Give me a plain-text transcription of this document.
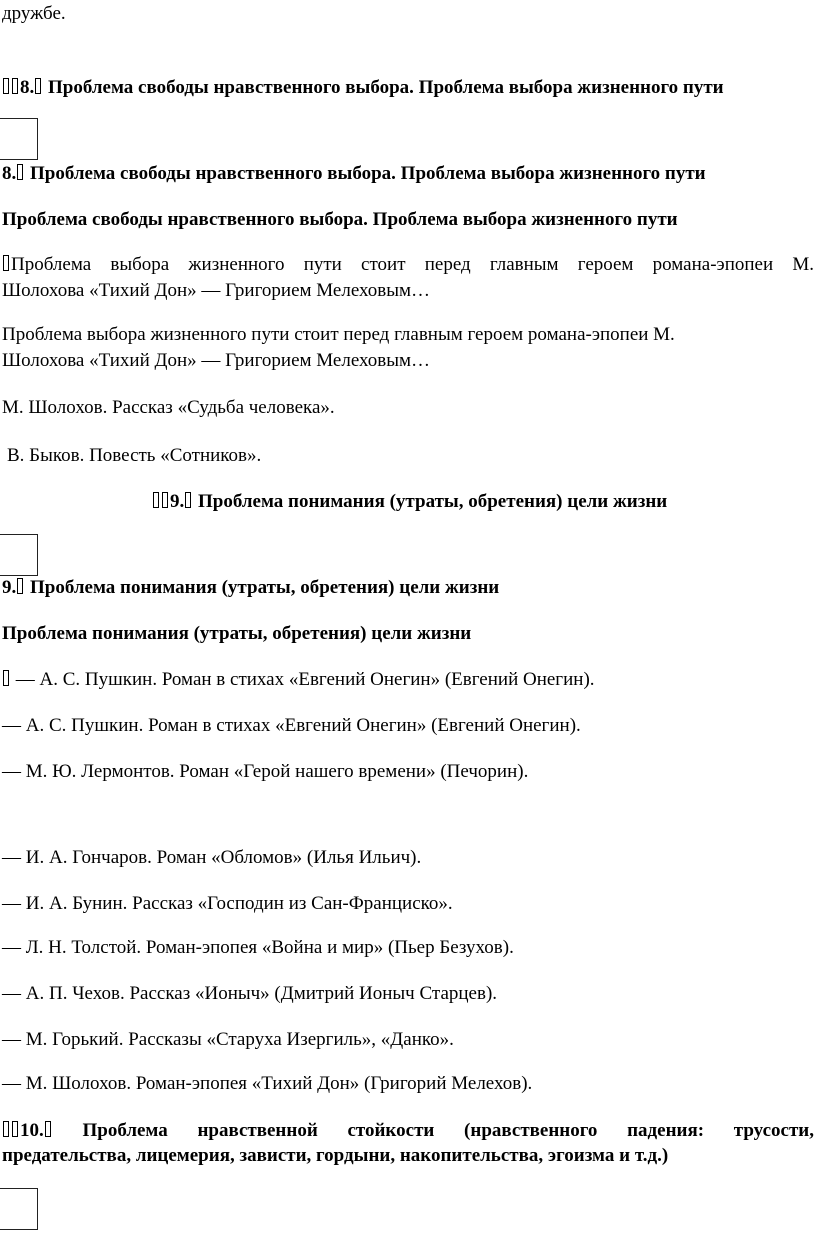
дружбе.
8. Проблема свободы нравственного выбора. Проблема выбора жизненного пути
8. Проблема свободы нравственного выбора. Проблема выбора жизненного пути
Проблема свободы нравственного выбора. Проблема выбора жизненного пути
Проблема выбора жизненного пути стоит перед главным героем романа-эпопеи М.
Шолохова «Тихий Дон» — Григорием Мелеховым…
Проблема выбора жизненного пути стоит перед главным героем романа-эпопеи М.
Шолохова «Тихий Дон» — Григорием Мелеховым…
М. Шолохов. Рассказ «Судьба человека».
В. Быков. Повесть «Сотников».
9. Проблема понимания (утраты, обретения) цели жизни
9. Проблема понимания (утраты, обретения) цели жизни
Проблема понимания (утраты, обретения) цели жизни
— А. С. Пушкин. Роман в стихах «Евгений Онегин» (Евгений Онегин).
— А. С. Пушкин. Роман в стихах «Евгений Онегин» (Евгений Онегин).
— М. Ю. Лермонтов. Роман «Герой нашего времени» (Печорин).
— И. А. Гончаров. Роман «Обломов» (Илья Ильич).
— И. А. Бунин. Рассказ «Господин из Сан-Франциско».
— Л. Н. Толстой. Роман-эпопея «Война и мир» (Пьер Безухов).
— А. П. Чехов. Рассказ «Ионыч» (Дмитрий Ионыч Старцев).
— М. Горький. Рассказы «Старуха Изергиль», «Данко».
— М. Шолохов. Роман-эпопея «Тихий Дон» (Григорий Мелехов).
10. Проблема нравственной стойкости (нравственного падения: трусости,
предательства, лицемерия, зависти, гордыни, накопительства, эгоизма и т.д.)
